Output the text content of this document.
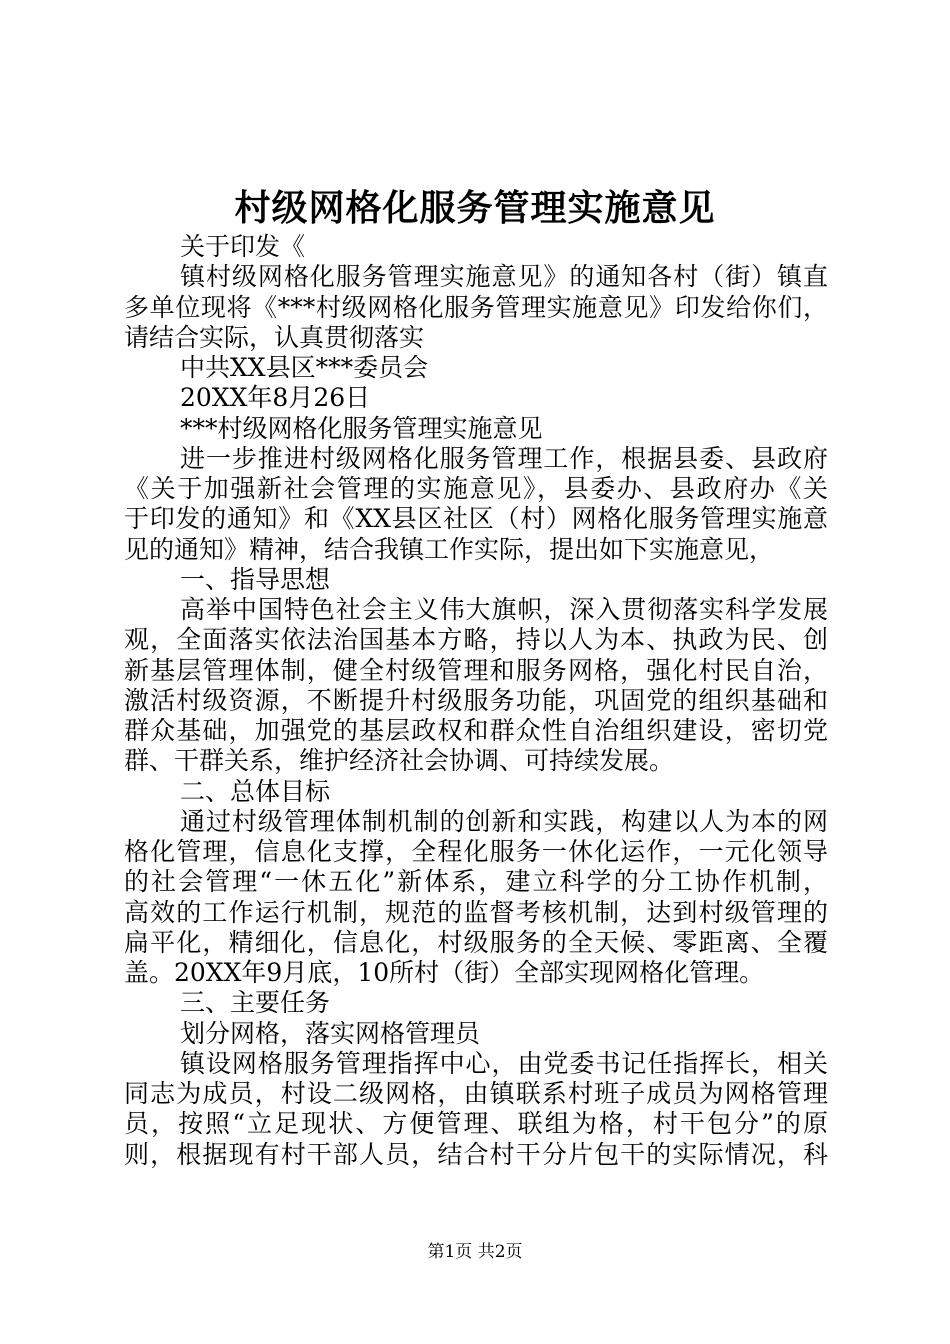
村级网格化服务管理实施意见
关于印发《
镇村级网格化服务管理实施意见》的通知各村（街）镇直
多单位现将《***村级网格化服务管理实施意见》印发给你们，
请结合实际，认真贯彻落实
中共XX县区***委员会
20XX年8月26日
***村级网格化服务管理实施意见
进一步推进村级网格化服务管理工作，根据县委、县政府
《关于加强新社会管理的实施意见》，县委办、县政府办《关
于印发的通知》和《XX县区社区（村）网格化服务管理实施意
见的通知》精神，结合我镇工作实际，提出如下实施意见，
一、指导思想
高举中国特色社会主义伟大旗帜，深入贯彻落实科学发展
观，全面落实依法治国基本方略，持以人为本、执政为民、创
新基层管理体制，健全村级管理和服务网格，强化村民自治，
激活村级资源，不断提升村级服务功能，巩固党的组织基础和
群众基础，加强党的基层政权和群众性自治组织建设，密切党
群、干群关系，维护经济社会协调、可持续发展。
二、总体目标
通过村级管理体制机制的创新和实践，构建以人为本的网
格化管理，信息化支撑，全程化服务一休化运作，一元化领导
的社会管理“一休五化”新体系，建立科学的分工协作机制，
高效的工作运行机制，规范的监督考核机制，达到村级管理的
扁平化，精细化，信息化，村级服务的全天候、零距离、全覆
盖。20XX年9月底，10所村（街）全部实现网格化管理。
三、主要任务
划分网格，落实网格管理员
镇设网格服务管理指挥中心，由党委书记任指挥长，相关
同志为成员，村设二级网格，由镇联系村班子成员为网格管理
员，按照“立足现状、方便管理、联组为格，村干包分”的原
则，根据现有村干部人员，结合村干分片包干的实际情况，科
第1页 共2页
